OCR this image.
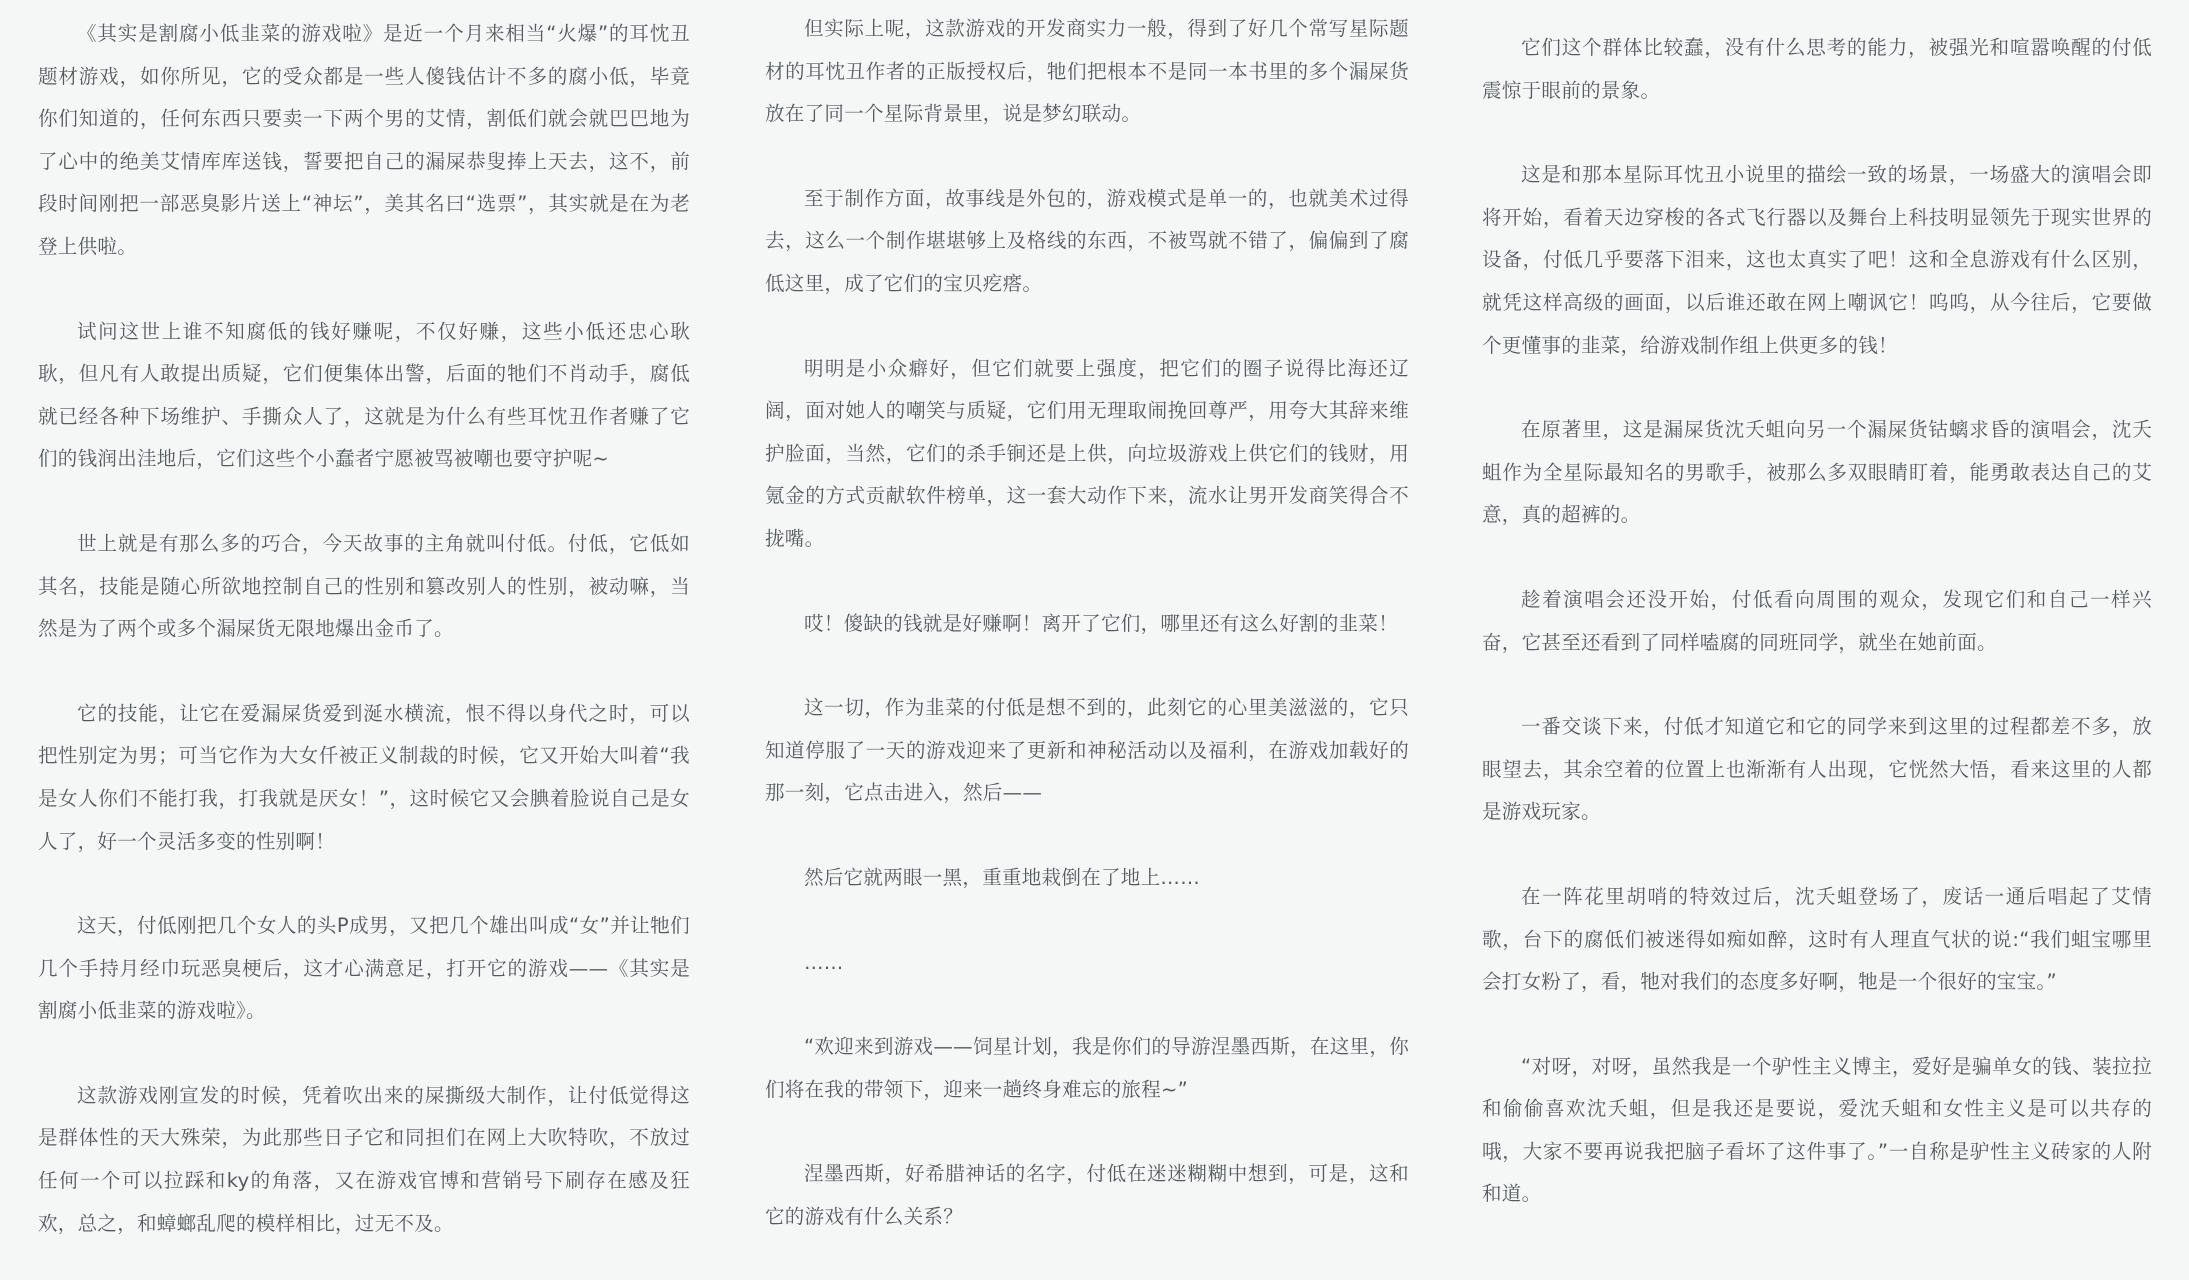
《其实是割腐小低韭菜的游戏啦》是近一个月来相当“火爆”的耳忱丑题材游戏，如你所见，它的受众都是一些人傻钱估计不多的腐小低，毕竟你们知道的，任何东西只要卖一下两个男的艾情，割低们就会就巴巴地为了心中的绝美艾情库库送钱，誓要把自己的漏屎恭叟捧上天去，这不，前段时间刚把一部恶臭影片送上“神坛”，美其名曰“选票”，其实就是在为老登上供啦。

试问这世上谁不知腐低的钱好赚呢，不仅好赚，这些小低还忠心耿耿，但凡有人敢提出质疑，它们便集体出警，后面的牠们不肖动手，腐低就已经各种下场维护、手撕众人了，这就是为什么有些耳忱丑作者赚了它们的钱润出洼地后，它们这些个小蠢者宁愿被骂被嘲也要守护呢~

世上就是有那么多的巧合，今天故事的主角就叫付低。付低，它低如其名，技能是随心所欲地控制自己的性别和篡改别人的性别，被动嘛，当然是为了两个或多个漏屎货无限地爆出金币了。

它的技能，让它在爱漏屎货爱到涎水横流，恨不得以身代之时，可以把性别定为男；可当它作为大女仟被正义制裁的时候，它又开始大叫着“我是女人你们不能打我，打我就是厌女！”，这时候它又会腆着脸说自己是女人了，好一个灵活多变的性别啊！

这天，付低刚把几个女人的头P成男，又把几个雄出叫成“女”并让牠们几个手持月经巾玩恶臭梗后，这才心满意足，打开它的游戏——《其实是割腐小低韭菜的游戏啦》。

这款游戏刚宣发的时候，凭着吹出来的屎撕级大制作，让付低觉得这是群体性的天大殊荣，为此那些日子它和同担们在网上大吹特吹，不放过任何一个可以拉踩和ky的角落，又在游戏官博和营销号下刷存在感及狂欢，总之，和蟑螂乱爬的模样相比，过无不及。

但实际上呢，这款游戏的开发商实力一般，得到了好几个常写星际题材的耳忱丑作者的正版授权后，牠们把根本不是同一本书里的多个漏屎货放在了同一个星际背景里，说是梦幻联动。

至于制作方面，故事线是外包的，游戏模式是单一的，也就美术过得去，这么一个制作堪堪够上及格线的东西，不被骂就不错了，偏偏到了腐低这里，成了它们的宝贝疙瘩。

明明是小众癖好，但它们就要上强度，把它们的圈子说得比海还辽阔，面对她人的嘲笑与质疑，它们用无理取闹挽回尊严，用夸大其辞来维护脸面，当然，它们的杀手锏还是上供，向垃圾游戏上供它们的钱财，用氪金的方式贡献软件榜单，这一套大动作下来，流水让男开发商笑得合不拢嘴。

哎！傻缺的钱就是好赚啊！离开了它们，哪里还有这么好割的韭菜！

这一切，作为韭菜的付低是想不到的，此刻它的心里美滋滋的，它只知道停服了一天的游戏迎来了更新和神秘活动以及福利，在游戏加载好的那一刻，它点击进入，然后——

然后它就两眼一黑，重重地栽倒在了地上……

……

“欢迎来到游戏——饲星计划，我是你们的导游涅墨西斯，在这里，你们将在我的带领下，迎来一趟终身难忘的旅程~”

涅墨西斯，好希腊神话的名字，付低在迷迷糊糊中想到，可是，这和它的游戏有什么关系？

它们这个群体比较蠢，没有什么思考的能力，被强光和喧嚣唤醒的付低震惊于眼前的景象。

这是和那本星际耳忱丑小说里的描绘一致的场景，一场盛大的演唱会即将开始，看着天边穿梭的各式飞行器以及舞台上科技明显领先于现实世界的设备，付低几乎要落下泪来，这也太真实了吧！这和全息游戏有什么区别，就凭这样高级的画面，以后谁还敢在网上嘲讽它！呜呜，从今往后，它要做个更懂事的韭菜，给游戏制作组上供更多的钱！

在原著里，这是漏屎货沈夭蛆向另一个漏屎货钴螭求昏的演唱会，沈夭蛆作为全星际最知名的男歌手，被那么多双眼睛盯着，能勇敢表达自己的艾意，真的超裤的。

趁着演唱会还没开始，付低看向周围的观众，发现它们和自己一样兴奋，它甚至还看到了同样嗑腐的同班同学，就坐在她前面。

一番交谈下来，付低才知道它和它的同学来到这里的过程都差不多，放眼望去，其余空着的位置上也渐渐有人出现，它恍然大悟，看来这里的人都是游戏玩家。

在一阵花里胡哨的特效过后，沈夭蛆登场了，废话一通后唱起了艾情歌，台下的腐低们被迷得如痴如醉，这时有人理直气状的说:“我们蛆宝哪里会打女粉了，看，牠对我们的态度多好啊，牠是一个很好的宝宝。”

“对呀，对呀，虽然我是一个驴性主义博主，爱好是骗单女的钱、装拉拉和偷偷喜欢沈夭蛆，但是我还是要说，爱沈夭蛆和女性主义是可以共存的哦，大家不要再说我把脑子看坏了这件事了。”一自称是驴性主义砖家的人附和道。
